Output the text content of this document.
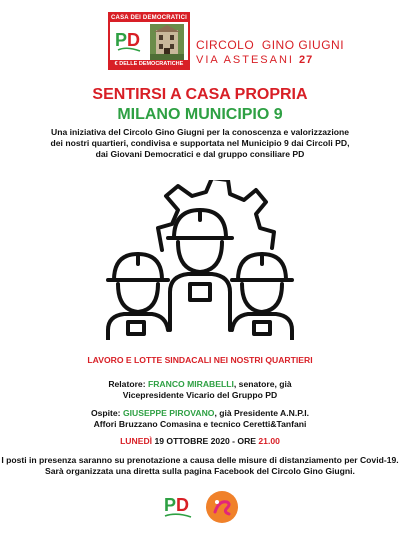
CASA DEI DEMOCRATICI
P D
€ DELLE DEMOCRATICHE
CIRCOLO GINO GIUGNI
VIA ASTESANI 27
SENTIRSI A CASA PROPRIA
MILANO MUNICIPIO 9
Una iniziativa del Circolo Gino Giugni per la conoscenza e valorizzazione dei nostri quartieri, condivisa e supportata nel Municipio 9 dai Circoli PD, dai Giovani Democratici e dal gruppo consiliare PD
LAVORO E LOTTE SINDACALI NEI NOSTRI QUARTIERI
Relatore: FRANCO MIRABELLI, senatore, già
Vicepresidente Vicario del Gruppo PD
Ospite: GIUSEPPE PIROVANO, già Presidente A.N.P.I.
Affori Bruzzano Comasina e tecnico Ceretti&Tanfani
LUNEDÌ 19 OTTOBRE 2020 - ORE 21.00
I posti in presenza saranno su prenotazione a causa delle misure di distanziamento per Covid-19.
Sarà organizzata una diretta sulla pagina Facebook del Circolo Gino Giugni.
P D
